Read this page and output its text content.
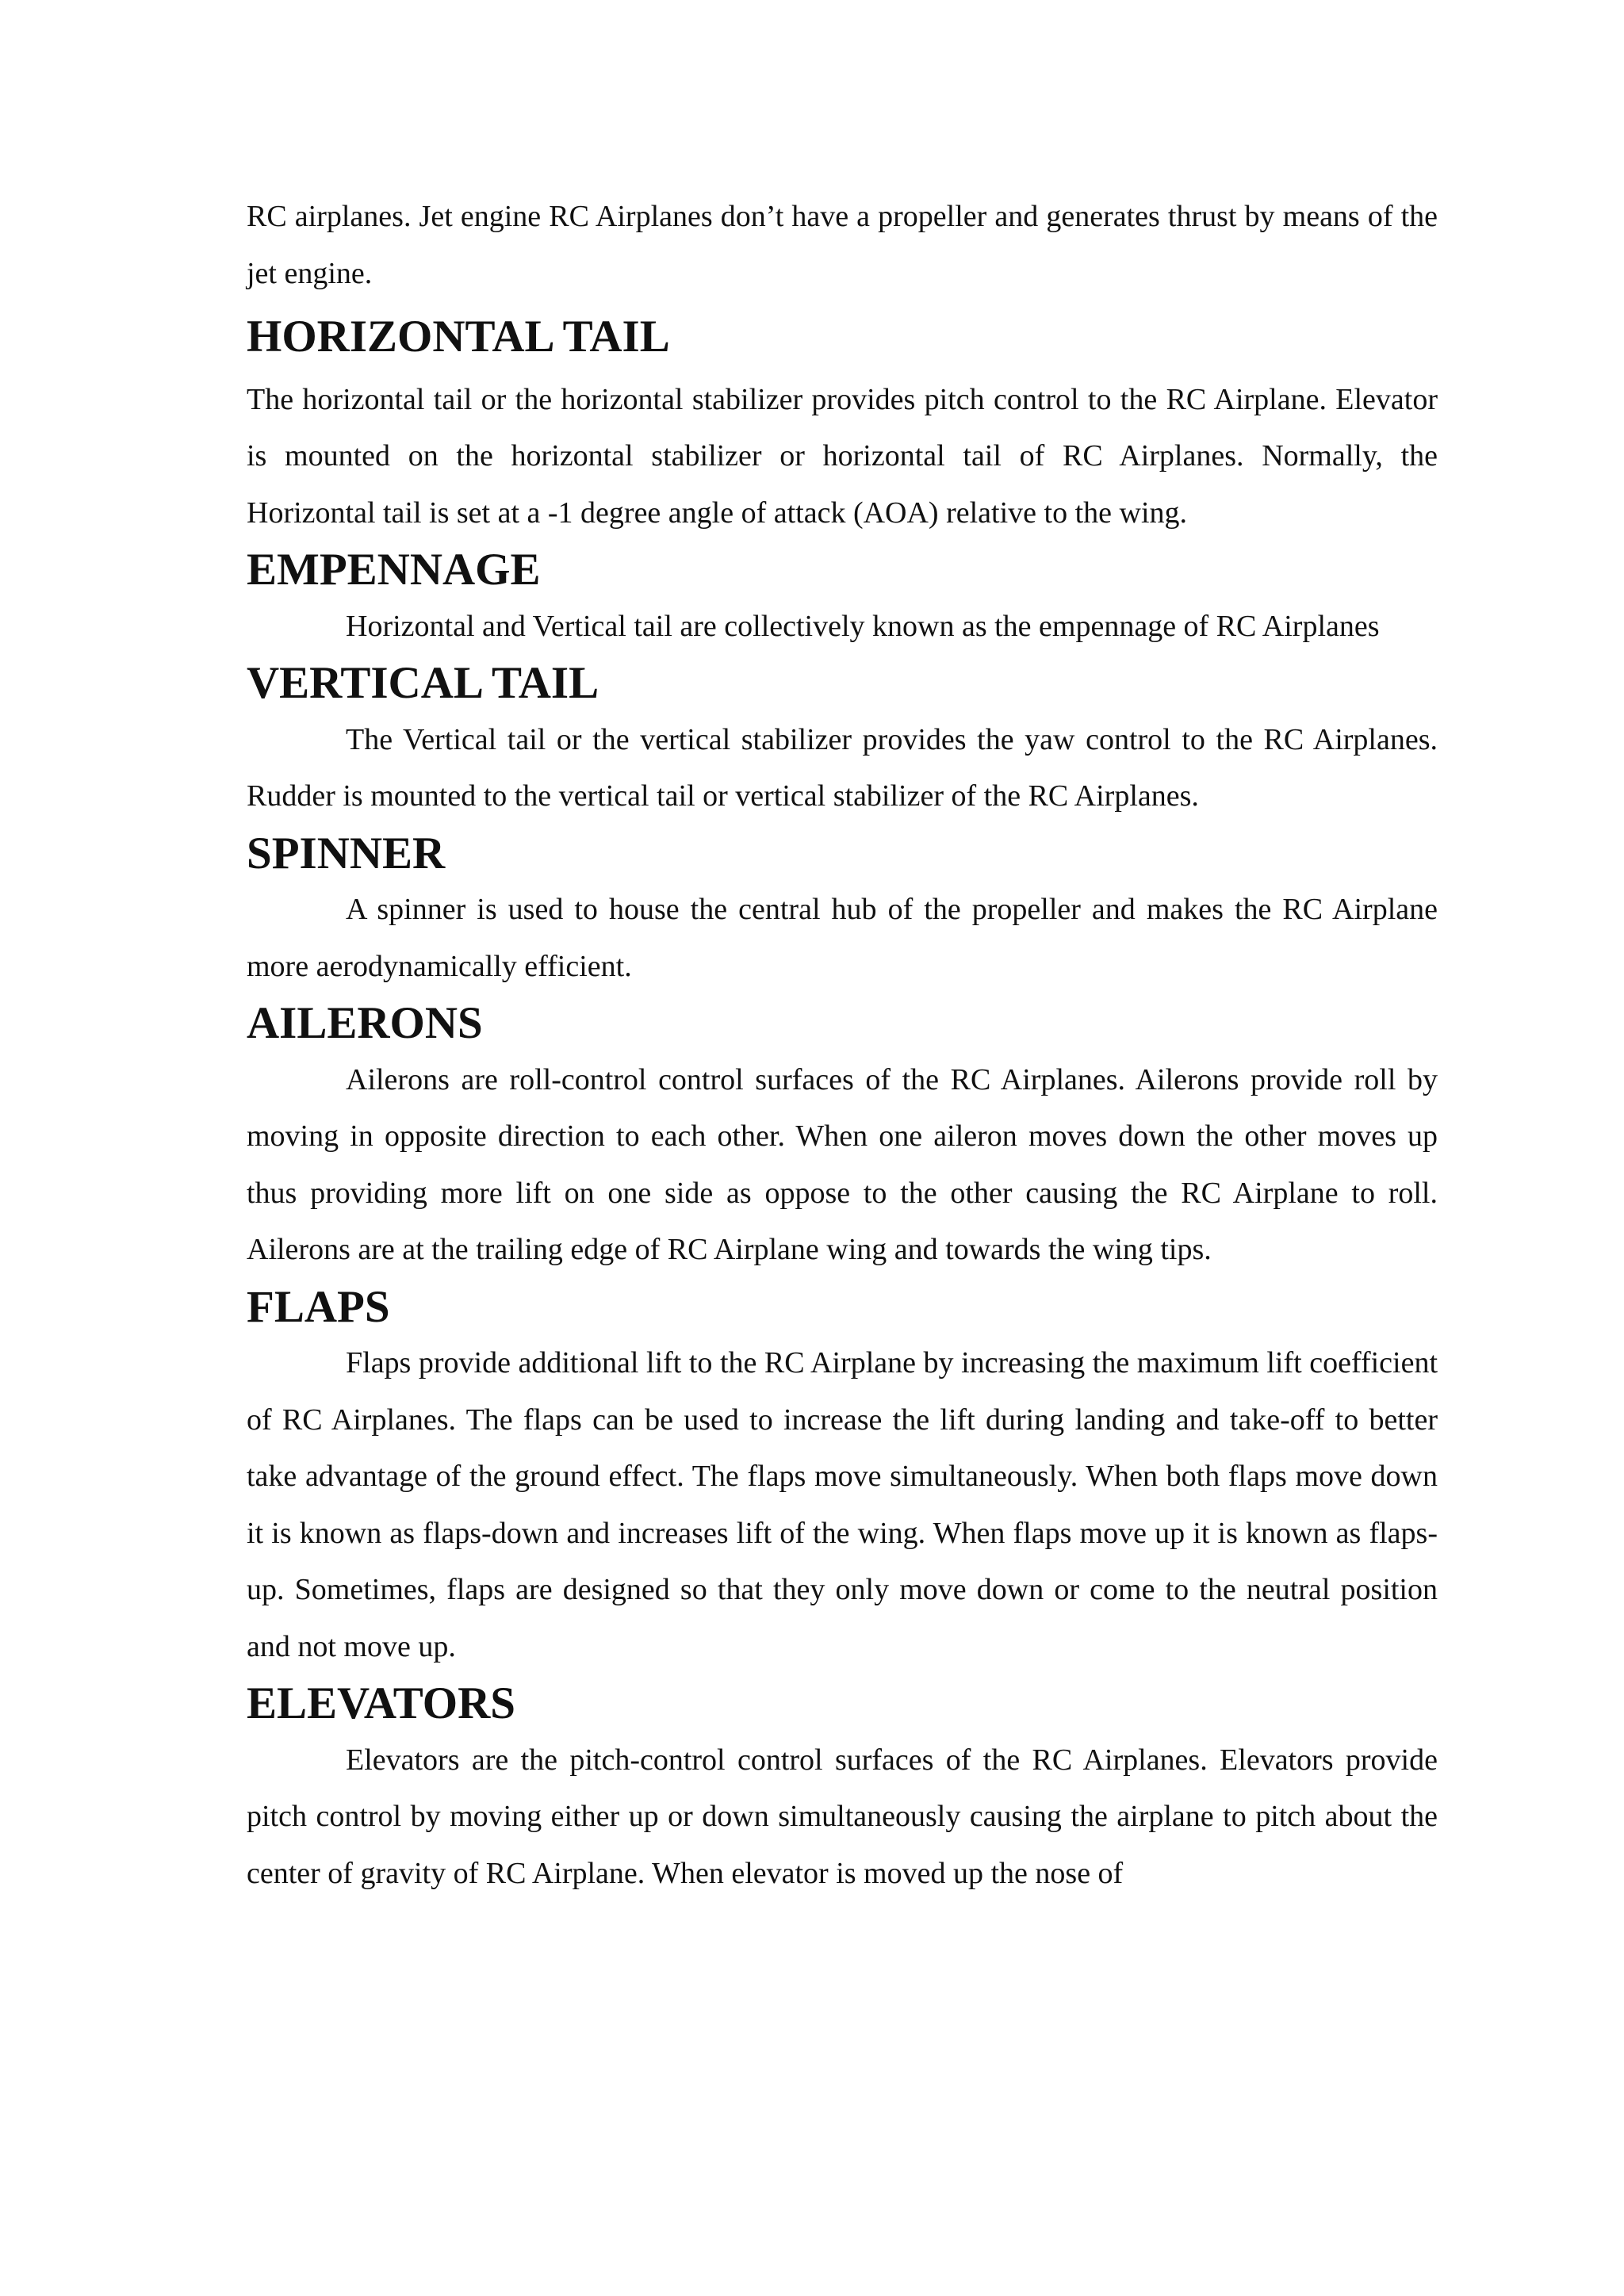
RC airplanes. Jet engine RC Airplanes don’t have a propeller and generates thrust by means of the jet engine.

HORIZONTAL TAIL

The horizontal tail or the horizontal stabilizer provides pitch control to the RC Airplane. Elevator is mounted on the horizontal stabilizer or horizontal tail of RC Airplanes. Normally, the Horizontal tail is set at a -1 degree angle of attack (AOA) relative to the wing.

EMPENNAGE

Horizontal and Vertical tail are collectively known as the empennage of RC Airplanes

VERTICAL TAIL

The Vertical tail or the vertical stabilizer provides the yaw control to the RC Airplanes. Rudder is mounted to the vertical tail or vertical stabilizer of the RC Airplanes.

SPINNER

A spinner is used to house the central hub of the propeller and makes the RC Airplane more aerodynamically efficient.

AILERONS

Ailerons are roll-control control surfaces of the RC Airplanes. Ailerons provide roll by moving in opposite direction to each other. When one aileron moves down the other moves up thus providing more lift on one side as oppose to the other causing the RC Airplane to roll. Ailerons are at the trailing edge of RC Airplane wing and towards the wing tips.

FLAPS

Flaps provide additional lift to the RC Airplane by increasing the maximum lift coefficient of RC Airplanes. The flaps can be used to increase the lift during landing and take-off to better take advantage of the ground effect. The flaps move simultaneously. When both flaps move down it is known as flaps-down and increases lift of the wing. When flaps move up it is known as flaps-up. Sometimes, flaps are designed so that they only move down or come to the neutral position and not move up.

ELEVATORS

Elevators are the pitch-control control surfaces of the RC Airplanes. Elevators provide pitch control by moving either up or down simultaneously causing the airplane to pitch about the center of gravity of RC Airplane. When elevator is moved up the nose of
